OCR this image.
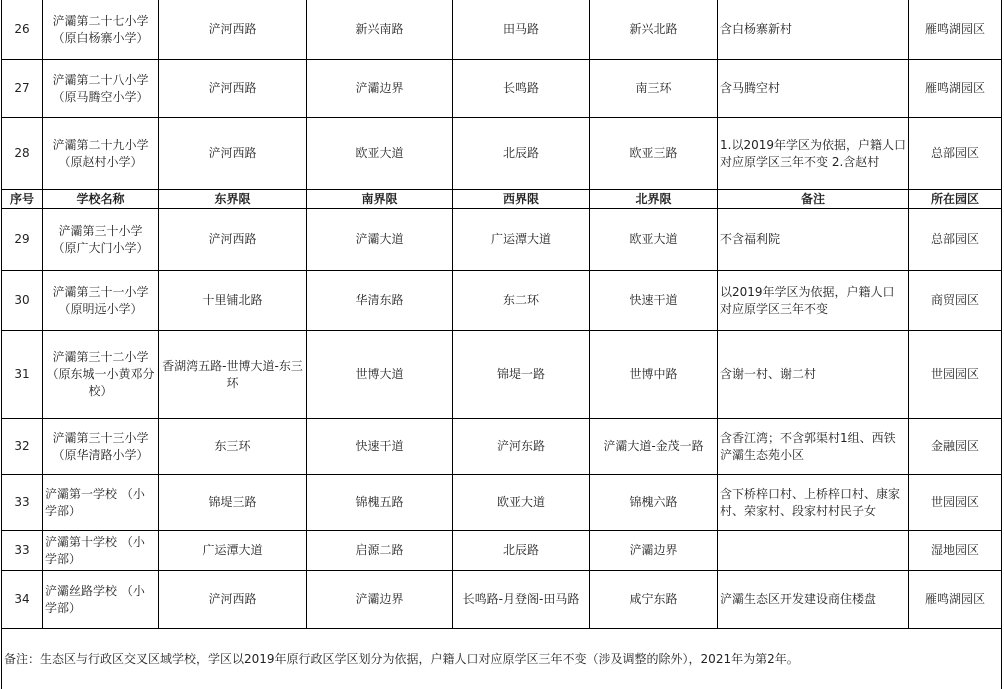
26	浐灞第二十七小学（原白杨寨小学）	浐河西路	新兴南路	田马路	新兴北路	含白杨寨新村	雁鸣湖园区
27	浐灞第二十八小学（原马腾空小学）	浐河西路	浐灞边界	长鸣路	南三环	含马腾空村	雁鸣湖园区
28	浐灞第二十九小学（原赵村小学）	浐河西路	欧亚大道	北辰路	欧亚三路	1.以2019年学区为依据，户籍人口对应原学区三年不变 2.含赵村	总部园区
序号	学校名称	东界限	南界限	西界限	北界限	备注	所在园区
29	浐灞第三十小学 （原广大门小学）	浐河西路	浐灞大道	广运潭大道	欧亚大道	不含福利院	总部园区
30	浐灞第三十一小学（原明远小学）	十里铺北路	华清东路	东二环	快速干道	以2019年学区为依据，户籍人口对应原学区三年不变	商贸园区
31	浐灞第三十二小学（原东城一小黄邓分校）	香湖湾五路-世博大道-东三环	世博大道	锦堤一路	世博中路	含谢一村、谢二村	世园园区
32	浐灞第三十三小学（原华清路小学）	东三环	快速干道	浐河东路	浐灞大道-金茂一路	含香江湾；不含郭渠村1组、西铁浐灞生态苑小区	金融园区
33	浐灞第一学校 （小学部）	锦堤三路	锦槐五路	欧亚大道	锦槐六路	含下桥梓口村、上桥梓口村、康家村、荣家村、段家村村民子女	世园园区
33	浐灞第十学校 （小学部）	广运潭大道	启源二路	北辰路	浐灞边界		湿地园区
34	浐灞丝路学校 （小学部）	浐河西路	浐灞边界	长鸣路-月登阁-田马路	咸宁东路	浐灞生态区开发建设商住楼盘	雁鸣湖园区
备注：生态区与行政区交叉区域学校，学区以2019年原行政区学区划分为依据，户籍人口对应原学区三年不变（涉及调整的除外），2021年为第2年。							
